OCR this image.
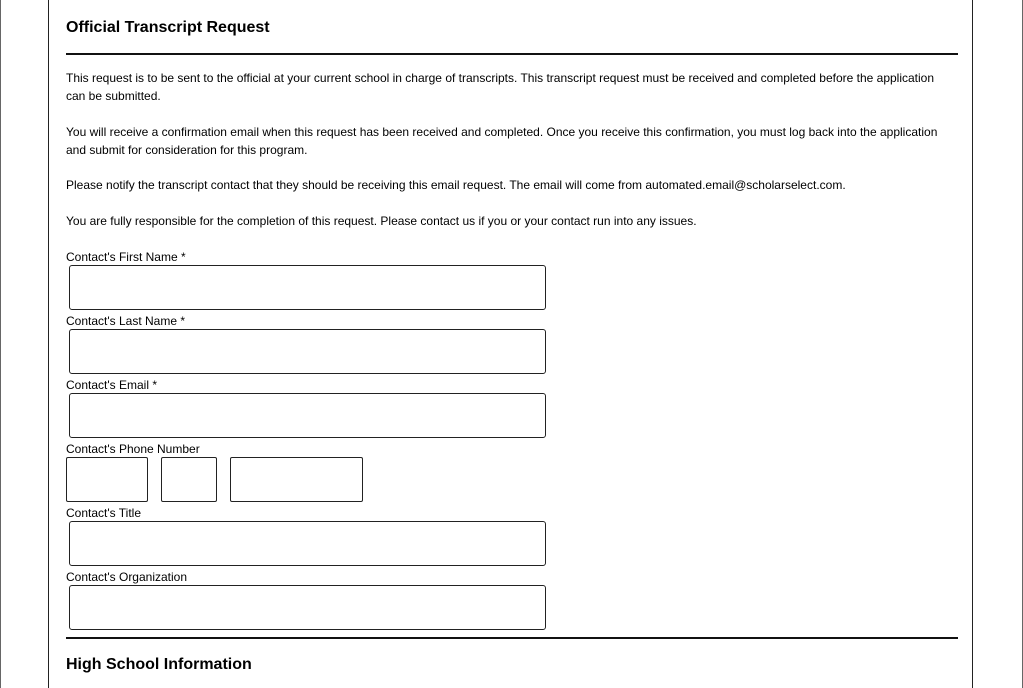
Official Transcript Request

This request is to be sent to the official at your current school in charge of transcripts. This transcript request must be received and completed before the application can be submitted.

You will receive a confirmation email when this request has been received and completed. Once you receive this confirmation, you must log back into the application and submit for consideration for this program.

Please notify the transcript contact that they should be receiving this email request. The email will come from automated.email@scholarselect.com.

You are fully responsible for the completion of this request. Please contact us if you or your contact run into any issues.

Contact's First Name *
Contact's Last Name *
Contact's Email *
Contact's Phone Number
Contact's Title
Contact's Organization
High School Information
